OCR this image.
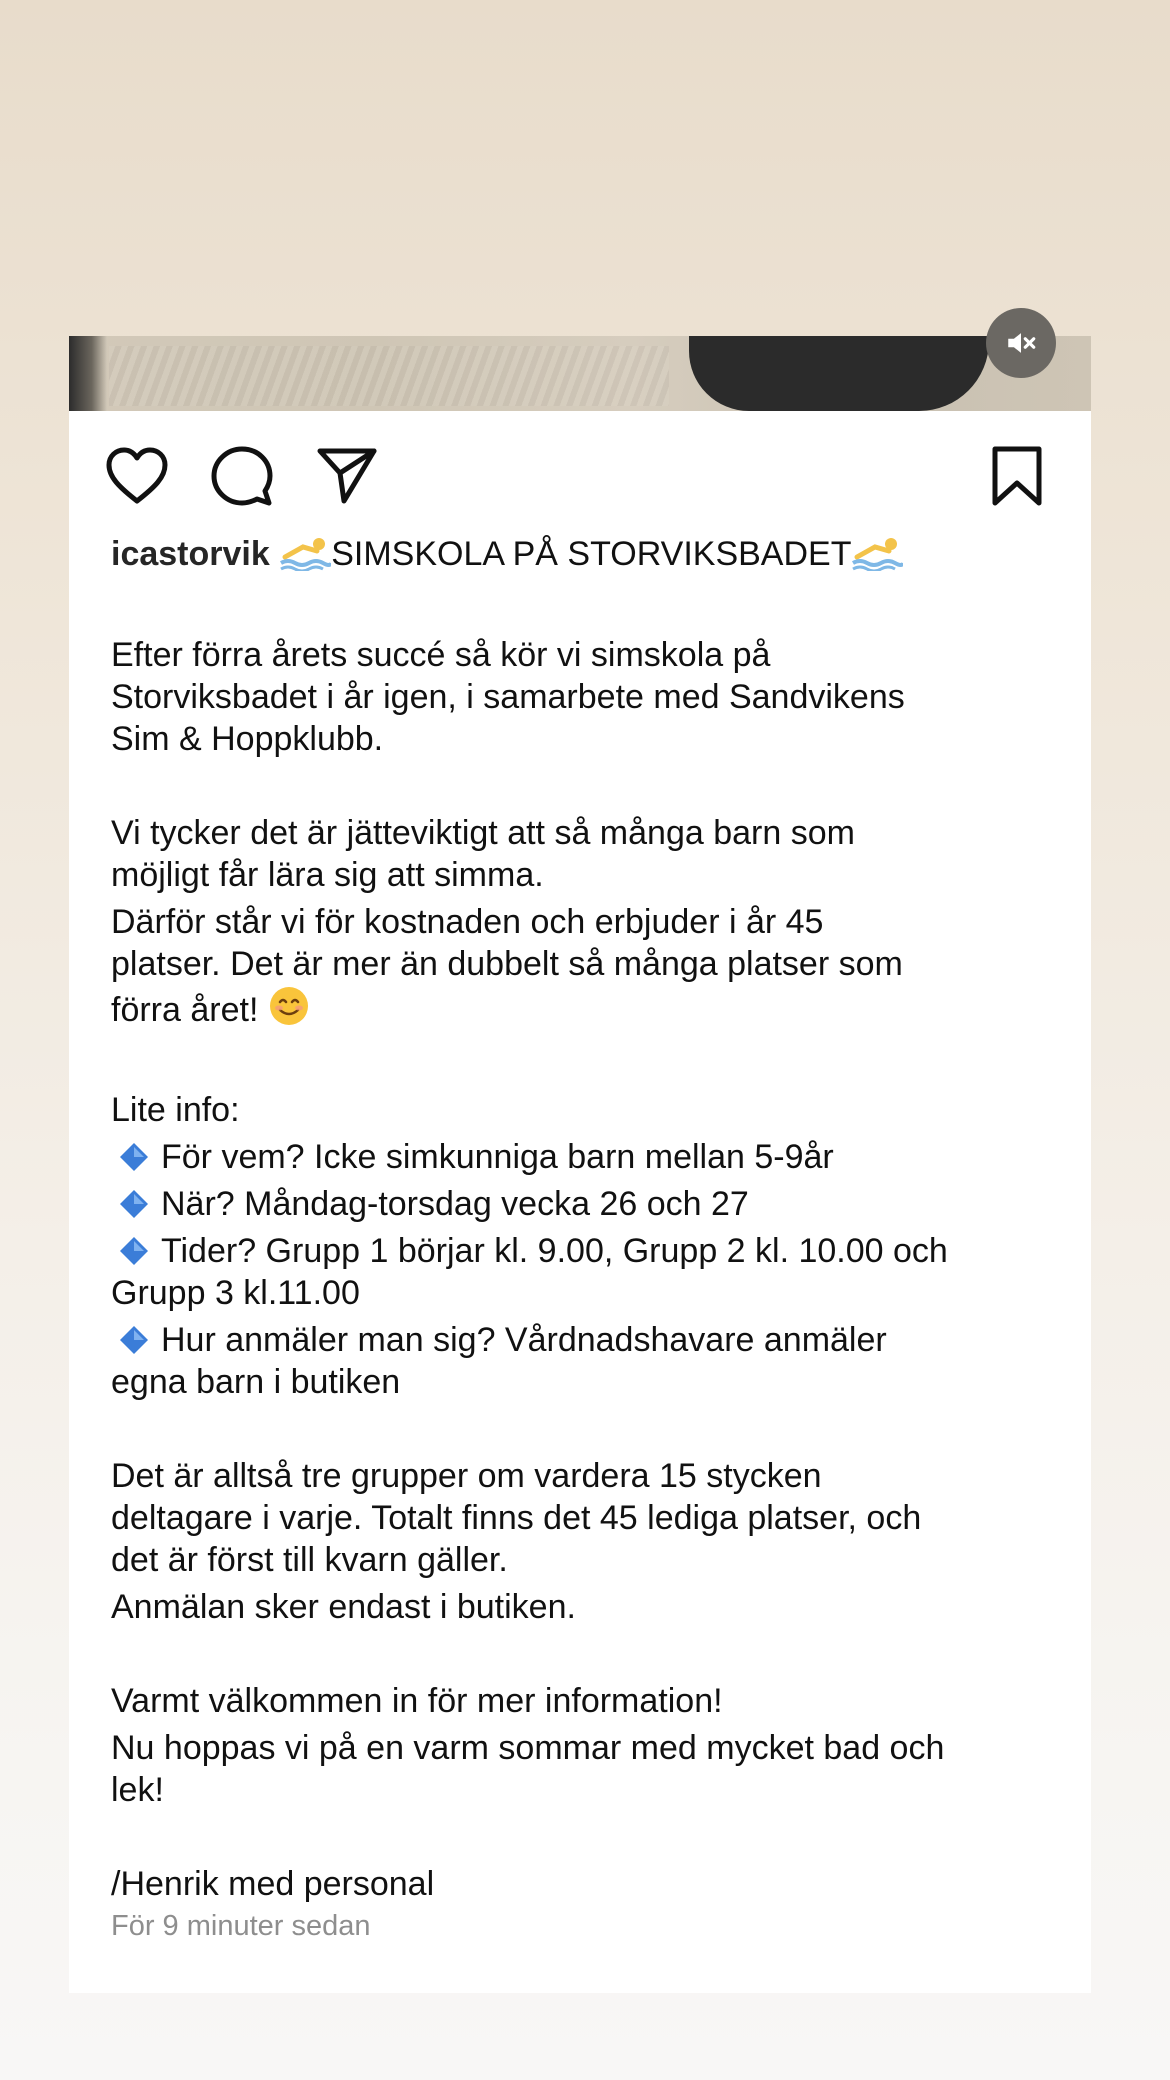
icastorvik SIMSKOLA PÅ STORVIKSBADET

Efter förra årets succé så kör vi simskola på

Storviksbadet i år igen, i samarbete med Sandvikens

Sim & Hoppklubb.

Vi tycker det är jätteviktigt att så många barn som

möjligt får lära sig att simma.

Därför står vi för kostnaden och erbjuder i år 45

platser. Det är mer än dubbelt så många platser som

förra året!

Lite info:

För vem? Icke simkunniga barn mellan 5-9år

När? Måndag-torsdag vecka 26 och 27

Tider? Grupp 1 börjar kl. 9.00, Grupp 2 kl. 10.00 och

Grupp 3 kl.11.00

Hur anmäler man sig? Vårdnadshavare anmäler

egna barn i butiken

Det är alltså tre grupper om vardera 15 stycken

deltagare i varje. Totalt finns det 45 lediga platser, och

det är först till kvarn gäller.

Anmälan sker endast i butiken.

Varmt välkommen in för mer information!

Nu hoppas vi på en varm sommar med mycket bad och

lek!

/Henrik med personal

För 9 minuter sedan
